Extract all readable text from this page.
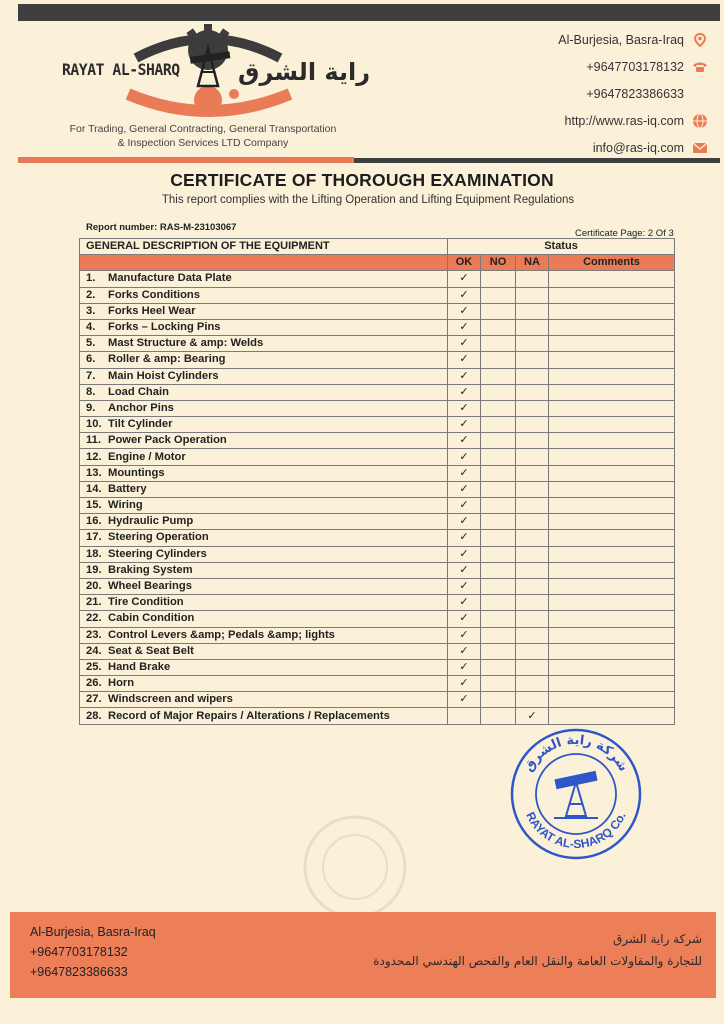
RAYAT AL-SHARQ راية الشرق
For Trading, General Contracting, General Transportation
& Inspection Services LTD Company
Al-Burjesia, Basra-Iraq
+9647703178132
+9647823386633
http://www.ras-iq.com
info@ras-iq.com
CERTIFICATE OF THOROUGH EXAMINATION
This report complies with the Lifting Operation and Lifting Equipment Regulations
Report number: RAS-M-23103067
Certificate Page: 2 Of 3
GENERAL DESCRIPTION OF THE EQUIPMENT	Status			
	OK	NO	NA	Comments
1. Manufacture Data Plate	✓			
2. Forks Conditions	✓			
3. Forks Heel Wear	✓			
4. Forks – Locking Pins	✓			
5. Mast Structure & amp: Welds	✓			
6. Roller & amp: Bearing	✓			
7. Main Hoist Cylinders	✓			
8. Load Chain	✓			
9. Anchor Pins	✓			
10. Tilt Cylinder	✓			
11. Power Pack Operation	✓			
12. Engine / Motor	✓			
13. Mountings	✓			
14. Battery	✓			
15. Wiring	✓			
16. Hydraulic Pump	✓			
17. Steering Operation	✓			
18. Steering Cylinders	✓			
19. Braking System	✓			
20. Wheel Bearings	✓			
21. Tire Condition	✓			
22. Cabin Condition	✓			
23. Control Levers &amp; Pedals &amp; lights	✓			
24. Seat & Seat Belt	✓			
25. Hand Brake	✓			
26. Horn	✓			
27. Windscreen and wipers	✓			
28. Record of Major Repairs / Alterations / Replacements			✓	
شركة راية الشرق
RAYAT AL-SHARQ Co.
Al-Burjesia, Basra-Iraq
+9647703178132
+9647823386633
شركة راية الشرق
للتجارة والمقاولات العامة والنقل العام والفحص الهندسي المحدودة
